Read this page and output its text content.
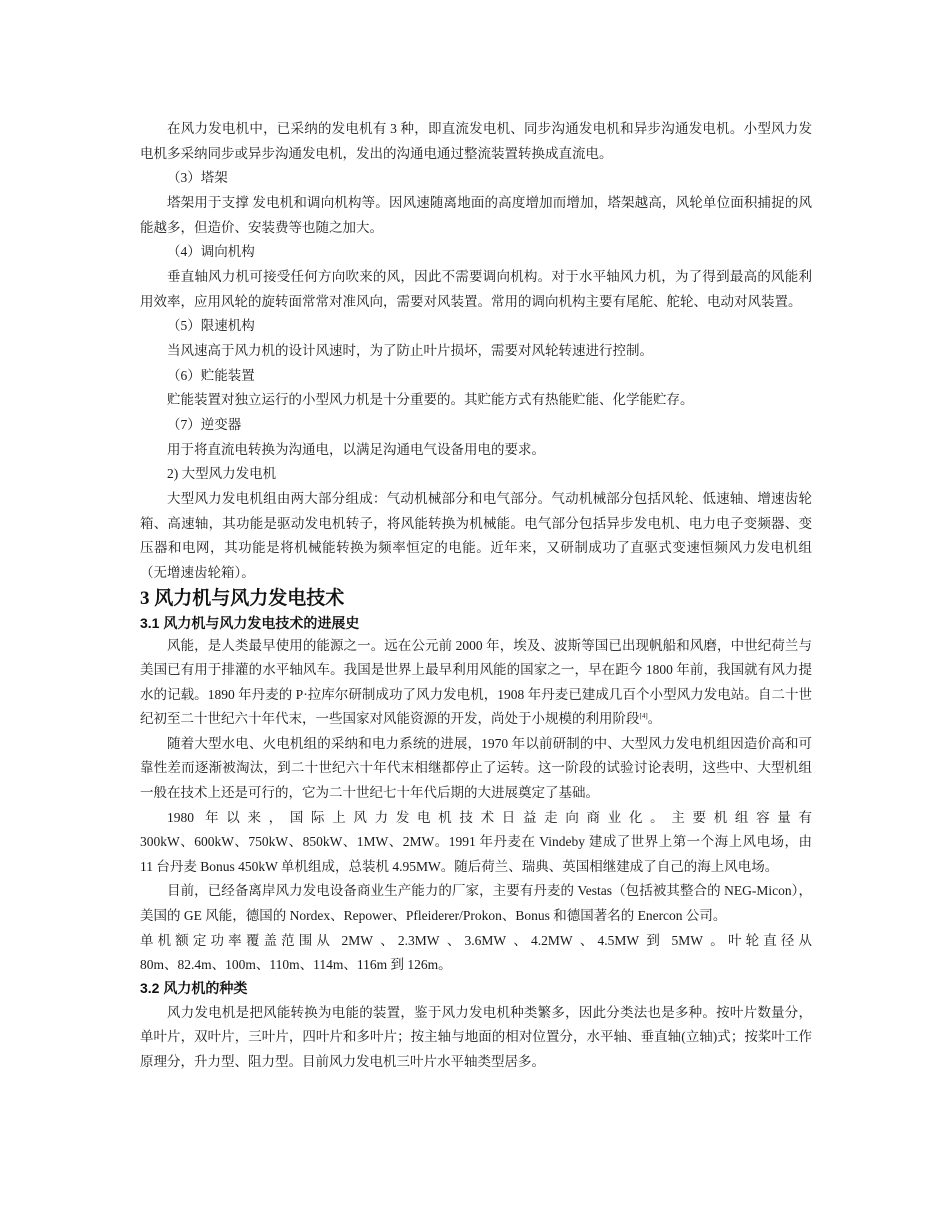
在风力发电机中，已采纳的发电机有 3 种，即直流发电机、同步沟通发电机和异步沟通发电机。小型风力发电机多采纳同步或异步沟通发电机，发出的沟通电通过整流装置转换成直流电。

（3）塔架

塔架用于支撑 发电机和调向机构等。因风速随离地面的高度增加而增加，塔架越高，风轮单位面积捕捉的风能越多，但造价、安装费等也随之加大。

（4）调向机构

垂直轴风力机可接受任何方向吹来的风，因此不需要调向机构。对于水平轴风力机，为了得到最高的风能利用效率，应用风轮的旋转面常常对准风向，需要对风装置。常用的调向机构主要有尾舵、舵轮、电动对风装置。

（5）限速机构

当风速高于风力机的设计风速时，为了防止叶片损坏，需要对风轮转速进行控制。

（6）贮能装置

贮能装置对独立运行的小型风力机是十分重要的。其贮能方式有热能贮能、化学能贮存。

（7）逆变器

用于将直流电转换为沟通电，以满足沟通电气设备用电的要求。

2) 大型风力发电机

大型风力发电机组由两大部分组成：气动机械部分和电气部分。气动机械部分包括风轮、低速轴、增速齿轮箱、高速轴，其功能是驱动发电机转子，将风能转换为机械能。电气部分包括异步发电机、电力电子变频器、变压器和电网，其功能是将机械能转换为频率恒定的电能。近年来，又研制成功了直驱式变速恒频风力发电机组（无增速齿轮箱）。

3 风力机与风力发电技术
3.1 风力机与风力发电技术的进展史

风能，是人类最早使用的能源之一。远在公元前 2000 年，埃及、波斯等国已出现帆船和风磨，中世纪荷兰与美国已有用于排灌的水平轴风车。我国是世界上最早利用风能的国家之一，早在距今 1800 年前，我国就有风力提水的记载。1890 年丹麦的 P·拉库尔研制成功了风力发电机，1908 年丹麦已建成几百个小型风力发电站。自二十世纪初至二十世纪六十年代末，一些国家对风能资源的开发，尚处于小规模的利用阶段[4]。

随着大型水电、火电机组的采纳和电力系统的进展，1970 年以前研制的中、大型风力发电机组因造价高和可靠性差而逐渐被淘汰，到二十世纪六十年代末相继都停止了运转。这一阶段的试验讨论表明，这些中、大型机组一般在技术上还是可行的，它为二十世纪七十年代后期的大进展奠定了基础。

1980 年以来，国际上风力发电机技术日益走向商业化。主要机组容量有

300kW、600kW、750kW、850kW、1MW、2MW。1991 年丹麦在 Vindeby 建成了世界上第一个海上风电场，由 11 台丹麦 Bonus 450kW 单机组成，总装机 4.95MW。随后荷兰、瑞典、英国相继建成了自己的海上风电场。

目前，已经备离岸风力发电设备商业生产能力的厂家，主要有丹麦的 Vestas（包括被其整合的 NEG-Micon），美国的 GE 风能，德国的 Nordex、Repower、Pfleiderer/Prokon、Bonus 和德国著名的 Enercon 公司。

单机额定功率覆盖范围从 2MW 、2.3MW 、3.6MW 、4.2MW 、4.5MW 到 5MW 。叶轮直径从

80m、82.4m、100m、110m、114m、116m 到 126m。

3.2 风力机的种类

风力发电机是把风能转换为电能的装置，鉴于风力发电机种类繁多，因此分类法也是多种。按叶片数量分，单叶片，双叶片，三叶片，四叶片和多叶片；按主轴与地面的相对位置分，水平轴、垂直轴(立轴)式；按桨叶工作原理分，升力型、阻力型。目前风力发电机三叶片水平轴类型居多。
